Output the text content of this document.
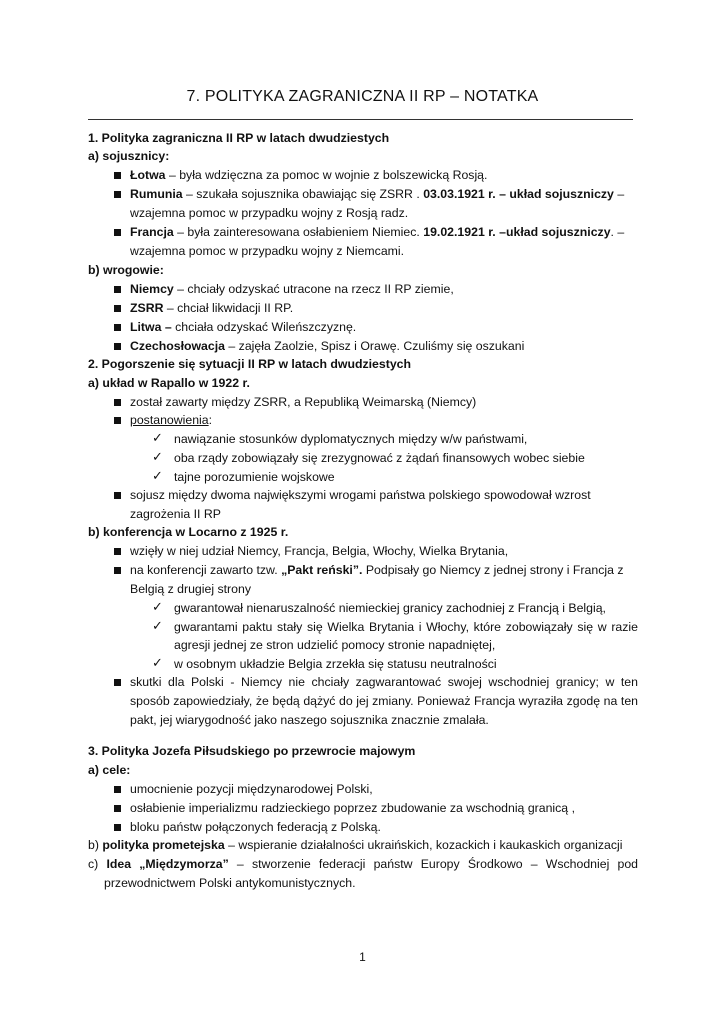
7. POLITYKA ZAGRANICZNA II RP – NOTATKA
1. Polityka zagraniczna II RP w latach dwudziestych
a) sojusznicy:
Łotwa – była wdzięczna za pomoc w wojnie z bolszewicką Rosją.
Rumunia – szukała sojusznika obawiając się ZSRR . 03.03.1921 r. – układ sojuszniczy –
wzajemna pomoc w przypadku wojny z Rosją radz.
Francja – była zainteresowana osłabieniem Niemiec. 19.02.1921 r. –układ sojuszniczy. –
wzajemna pomoc w przypadku wojny z Niemcami.
b) wrogowie:
Niemcy – chciały odzyskać utracone na rzecz II RP ziemie,
ZSRR – chciał likwidacji II RP.
Litwa – chciała odzyskać Wileńszczyznę.
Czechosłowacja – zajęła Zaolzie, Spisz i Orawę. Czuliśmy się oszukani
2. Pogorszenie się sytuacji II RP w latach dwudziestych
a) układ w Rapallo w 1922 r.
został zawarty między ZSRR, a Republiką Weimarską (Niemcy)
postanowienia:
✓ nawiązanie stosunków dyplomatycznych między w/w państwami,
✓ oba rządy zobowiązały się zrezygnować z żądań finansowych wobec siebie
✓ tajne porozumienie wojskowe
sojusz między dwoma największymi wrogami państwa polskiego spowodował wzrost
zagrożenia II RP
b) konferencja w Locarno z 1925 r.
wzięły w niej udział Niemcy, Francja, Belgia, Włochy, Wielka Brytania,
na konferencji zawarto tzw. „Pakt reński”. Podpisały go Niemcy z jednej strony i Francja z
Belgią z drugiej strony
✓ gwarantował nienaruszalność niemieckiej granicy zachodniej z Francją i Belgią,
✓ gwarantami paktu stały się Wielka Brytania i Włochy, które zobowiązały się w razie
agresji jednej ze stron udzielić pomocy stronie napadniętej,
✓ w osobnym układzie Belgia zrzekła się statusu neutralności
skutki dla Polski - Niemcy nie chciały zagwarantować swojej wschodniej granicy; w ten
sposób zapowiedziały, że będą dążyć do jej zmiany. Ponieważ Francja wyraziła zgodę na ten
pakt, jej wiarygodność jako naszego sojusznika znacznie zmalała.
3. Polityka Jozefa Piłsudskiego po przewrocie majowym
a) cele:
umocnienie pozycji międzynarodowej Polski,
osłabienie imperializmu radzieckiego poprzez zbudowanie za wschodnią granicą ,
bloku państw połączonych federacją z Polską.
b) polityka prometejska – wspieranie działalności ukraińskich, kozackich i kaukaskich organizacji
c) Idea „Międzymorza” – stworzenie federacji państw Europy Środkowo – Wschodniej pod
przewodnictwem Polski antykomunistycznych.
1
